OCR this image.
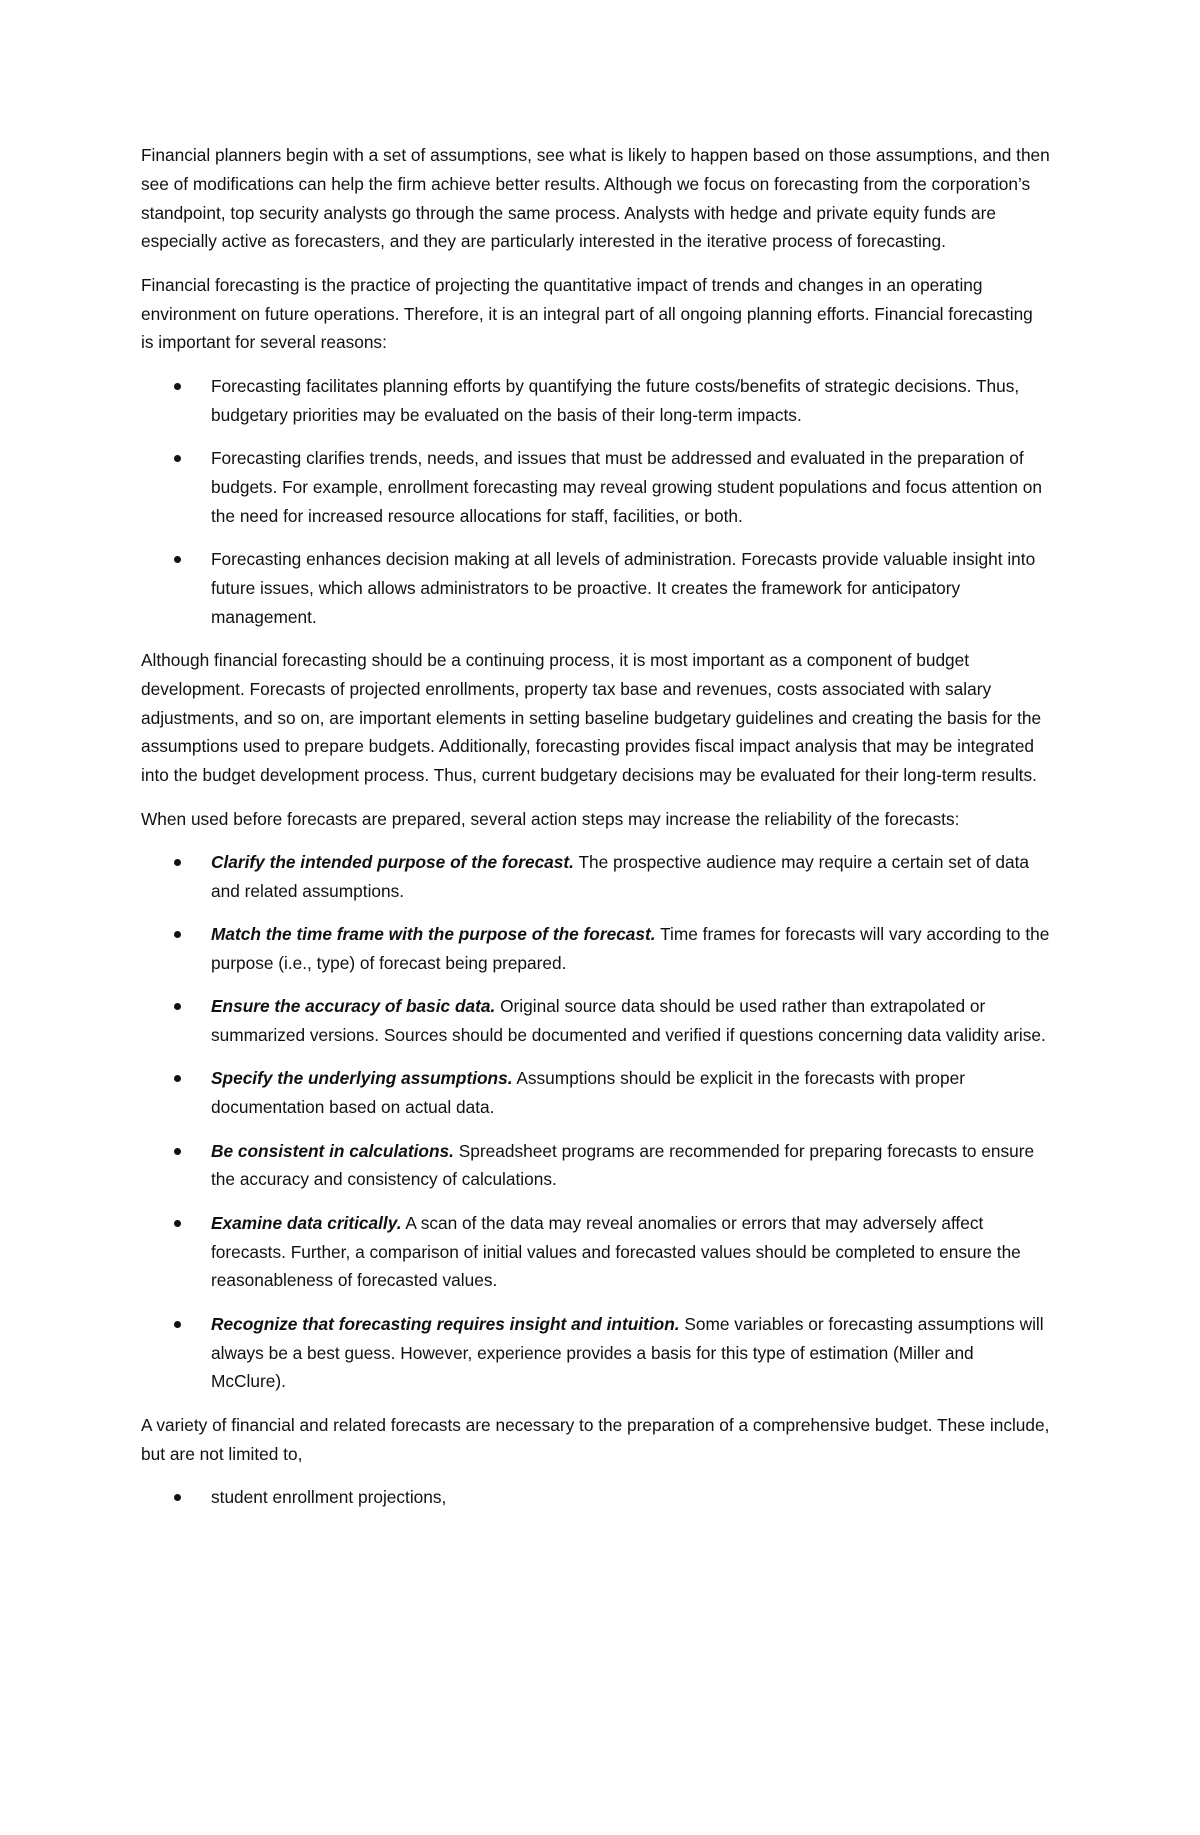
Financial planners begin with a set of assumptions, see what is likely to happen based on those assumptions, and then see of modifications can help the firm achieve better results. Although we focus on forecasting from the corporation’s standpoint, top security analysts go through the same process. Analysts with hedge and private equity funds are especially active as forecasters, and they are particularly interested in the iterative process of forecasting.

Financial forecasting is the practice of projecting the quantitative impact of trends and changes in an operating environment on future operations. Therefore, it is an integral part of all ongoing planning efforts. Financial forecasting is important for several reasons:

Forecasting facilitates planning efforts by quantifying the future costs/benefits of strategic decisions. Thus, budgetary priorities may be evaluated on the basis of their long-term impacts.
Forecasting clarifies trends, needs, and issues that must be addressed and evaluated in the preparation of budgets. For example, enrollment forecasting may reveal growing student populations and focus attention on the need for increased resource allocations for staff, facilities, or both.
Forecasting enhances decision making at all levels of administration. Forecasts provide valuable insight into future issues, which allows administrators to be proactive. It creates the framework for anticipatory management.

Although financial forecasting should be a continuing process, it is most important as a component of budget development. Forecasts of projected enrollments, property tax base and revenues, costs associated with salary adjustments, and so on, are important elements in setting baseline budgetary guidelines and creating the basis for the assumptions used to prepare budgets. Additionally, forecasting provides fiscal impact analysis that may be integrated into the budget development process. Thus, current budgetary decisions may be evaluated for their long-term results.

When used before forecasts are prepared, several action steps may increase the reliability of the forecasts:

Clarify the intended purpose of the forecast. The prospective audience may require a certain set of data and related assumptions.
Match the time frame with the purpose of the forecast. Time frames for forecasts will vary according to the purpose (i.e., type) of forecast being prepared.
Ensure the accuracy of basic data. Original source data should be used rather than extrapolated or summarized versions. Sources should be documented and verified if questions concerning data validity arise.
Specify the underlying assumptions. Assumptions should be explicit in the forecasts with proper documentation based on actual data.
Be consistent in calculations. Spreadsheet programs are recommended for preparing forecasts to ensure the accuracy and consistency of calculations.
Examine data critically. A scan of the data may reveal anomalies or errors that may adversely affect forecasts. Further, a comparison of initial values and forecasted values should be completed to ensure the reasonableness of forecasted values.
Recognize that forecasting requires insight and intuition. Some variables or forecasting assumptions will always be a best guess. However, experience provides a basis for this type of estimation (Miller and McClure).

A variety of financial and related forecasts are necessary to the preparation of a comprehensive budget. These include, but are not limited to,

student enrollment projections,
